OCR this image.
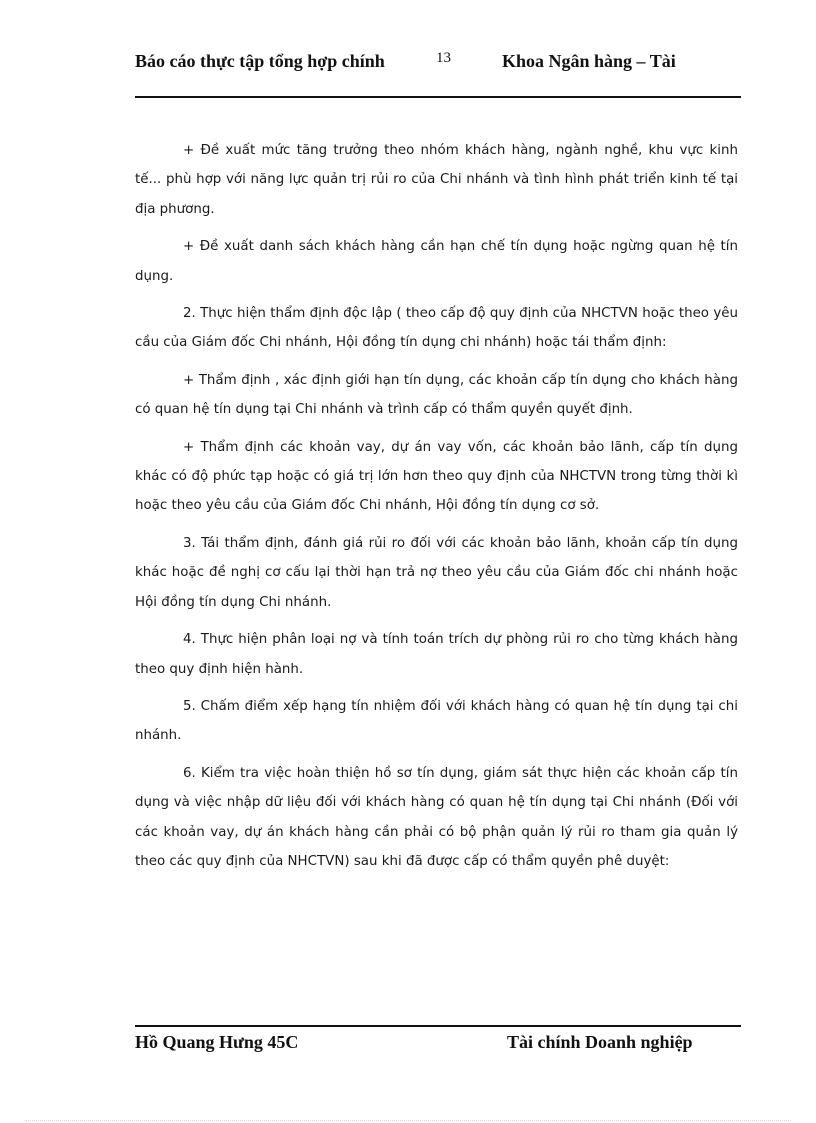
Báo cáo thực tập tổng hợp chính	13	Khoa Ngân hàng – Tài

+ Đề xuất mức tăng trưởng theo nhóm khách hàng, ngành nghề, khu vực kinh tế... phù hợp với năng lực quản trị rủi ro của Chi nhánh và tình hình phát triển kinh tế tại địa phương.

+ Đề xuất danh sách khách hàng cần hạn chế tín dụng hoặc ngừng quan hệ tín dụng.

2. Thực hiện thẩm định độc lập ( theo cấp độ quy định của NHCTVN hoặc theo yêu cầu của Giám đốc Chi nhánh, Hội đồng tín dụng chi nhánh) hoặc tái thẩm định:

+ Thẩm định , xác định giới hạn tín dụng, các khoản cấp tín dụng cho khách hàng có quan hệ tín dụng tại Chi nhánh và trình cấp có thẩm quyền quyết định.

+ Thẩm định các khoản vay, dự án vay vốn, các khoản bảo lãnh, cấp tín dụng khác có độ phức tạp hoặc có giá trị lớn hơn theo quy định của NHCTVN trong từng thời kì hoặc theo yêu cầu của Giám đốc Chi nhánh, Hội đồng tín dụng cơ sở.

3. Tái thẩm định, đánh giá rủi ro đối với các khoản bảo lãnh, khoản cấp tín dụng khác hoặc đề nghị cơ cấu lại thời hạn trả nợ theo yêu cầu của Giám đốc chi nhánh hoặc Hội đồng tín dụng Chi nhánh.

4. Thực hiện phân loại nợ và tính toán trích dự phòng rủi ro cho từng khách hàng theo quy định hiện hành.

5. Chấm điểm xếp hạng tín nhiệm đối với khách hàng có quan hệ tín dụng tại chi nhánh.

6. Kiểm tra việc hoàn thiện hồ sơ tín dụng, giám sát thực hiện các khoản cấp tín dụng và việc nhập dữ liệu đối với khách hàng có quan hệ tín dụng tại Chi nhánh (Đối với các khoản vay, dự án khách hàng cần phải có bộ phận quản lý rủi ro tham gia quản lý theo các quy định của NHCTVN) sau khi đã được cấp có thẩm quyền phê duyệt:

Hồ Quang Hưng 45C	Tài chính Doanh nghiệp
